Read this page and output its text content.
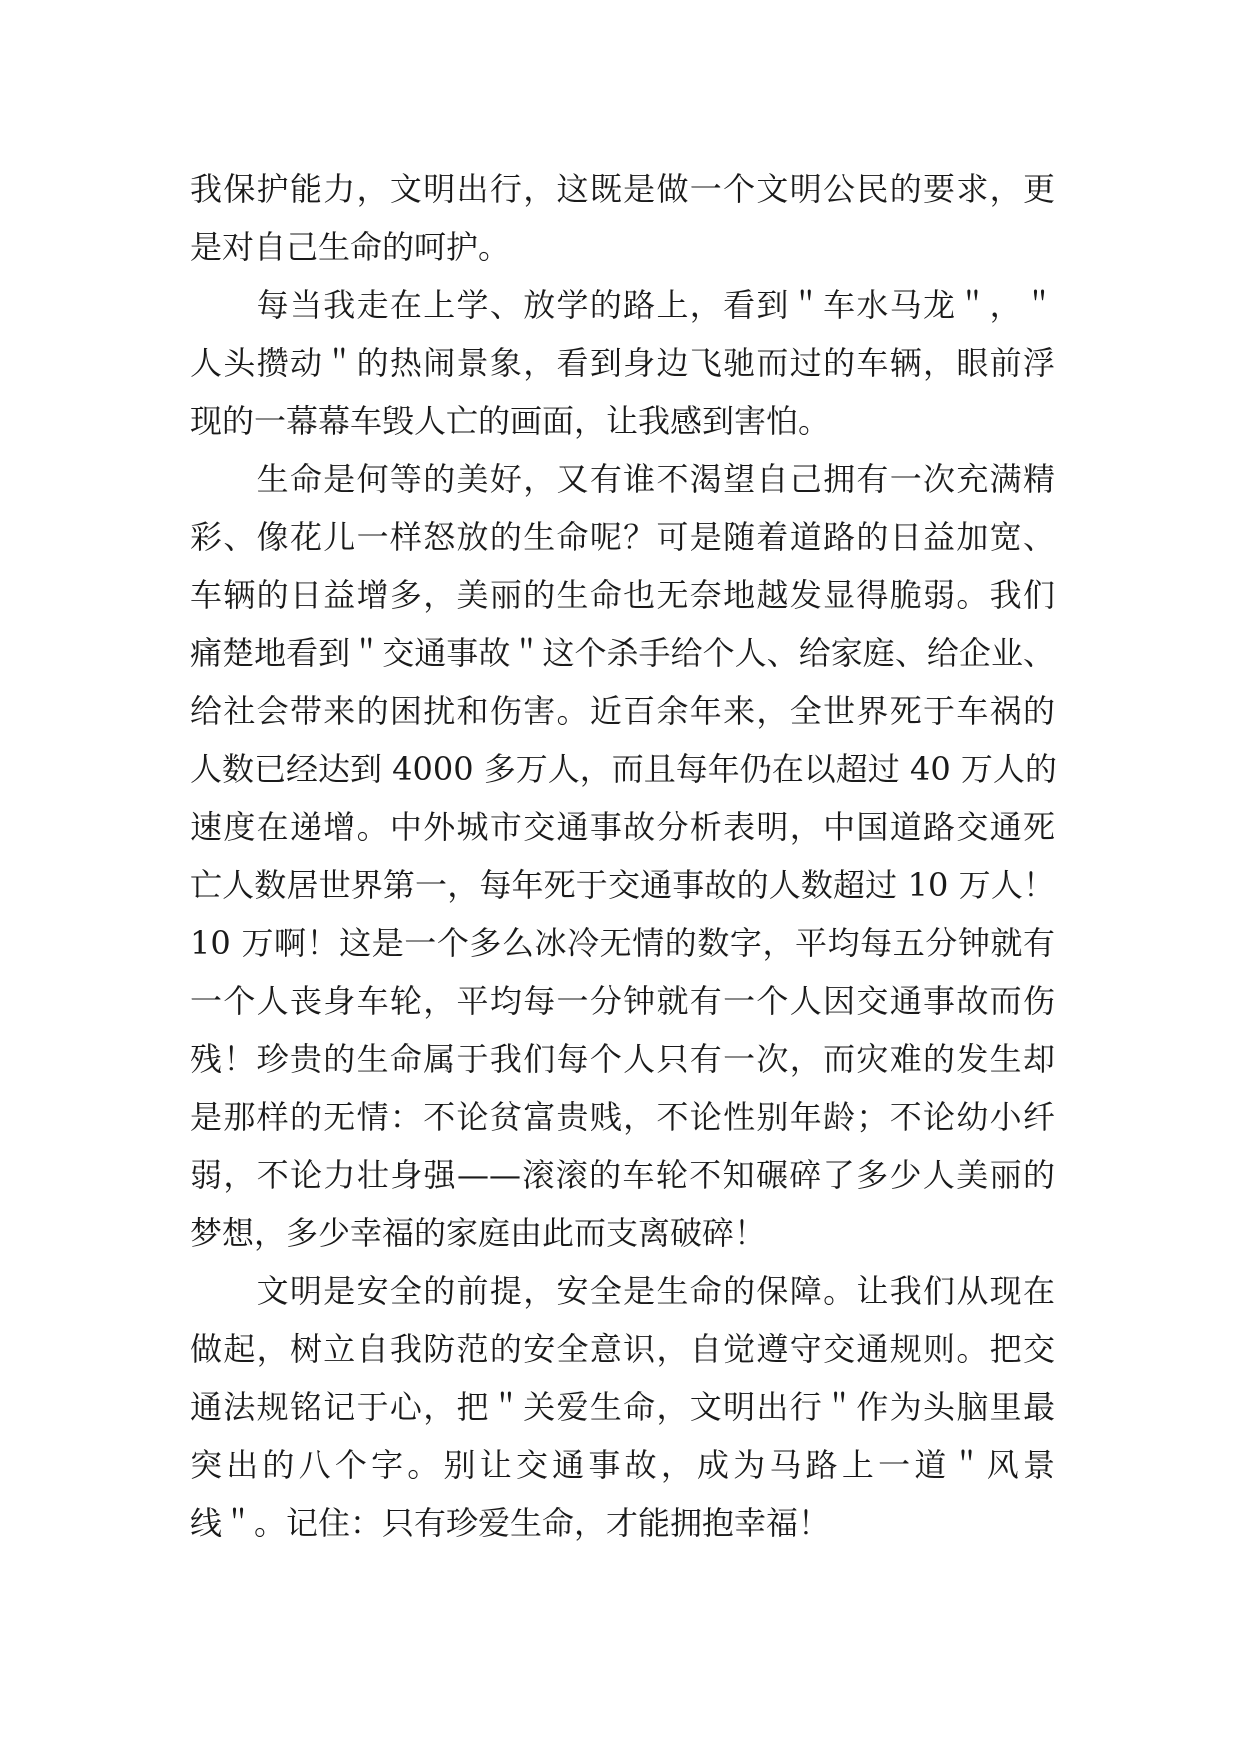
我保护能力，文明出行，这既是做一个文明公民的要求，更
是对自己生命的呵护。
　　每当我走在上学、放学的路上，看到＂车水马龙＂，＂
人头攒动＂的热闹景象，看到身边飞驰而过的车辆，眼前浮
现的一幕幕车毁人亡的画面，让我感到害怕。
　　生命是何等的美好，又有谁不渴望自己拥有一次充满精
彩、像花儿一样怒放的生命呢？可是随着道路的日益加宽、
车辆的日益增多，美丽的生命也无奈地越发显得脆弱。我们
痛楚地看到＂交通事故＂这个杀手给个人、给家庭、给企业、
给社会带来的困扰和伤害。近百余年来，全世界死于车祸的
人数已经达到 4000 多万人，而且每年仍在以超过 40 万人的
速度在递增。中外城市交通事故分析表明，中国道路交通死
亡人数居世界第一，每年死于交通事故的人数超过 10 万人！
10 万啊！这是一个多么冰冷无情的数字，平均每五分钟就有
一个人丧身车轮，平均每一分钟就有一个人因交通事故而伤
残！珍贵的生命属于我们每个人只有一次，而灾难的发生却
是那样的无情：不论贫富贵贱，不论性别年龄；不论幼小纤
弱，不论力壮身强——滚滚的车轮不知碾碎了多少人美丽的
梦想，多少幸福的家庭由此而支离破碎！
　　文明是安全的前提，安全是生命的保障。让我们从现在
做起，树立自我防范的安全意识，自觉遵守交通规则。把交
通法规铭记于心，把＂关爱生命，文明出行＂作为头脑里最
突出的八个字。别让交通事故，成为马路上一道＂风景
线＂。记住：只有珍爱生命，才能拥抱幸福！
